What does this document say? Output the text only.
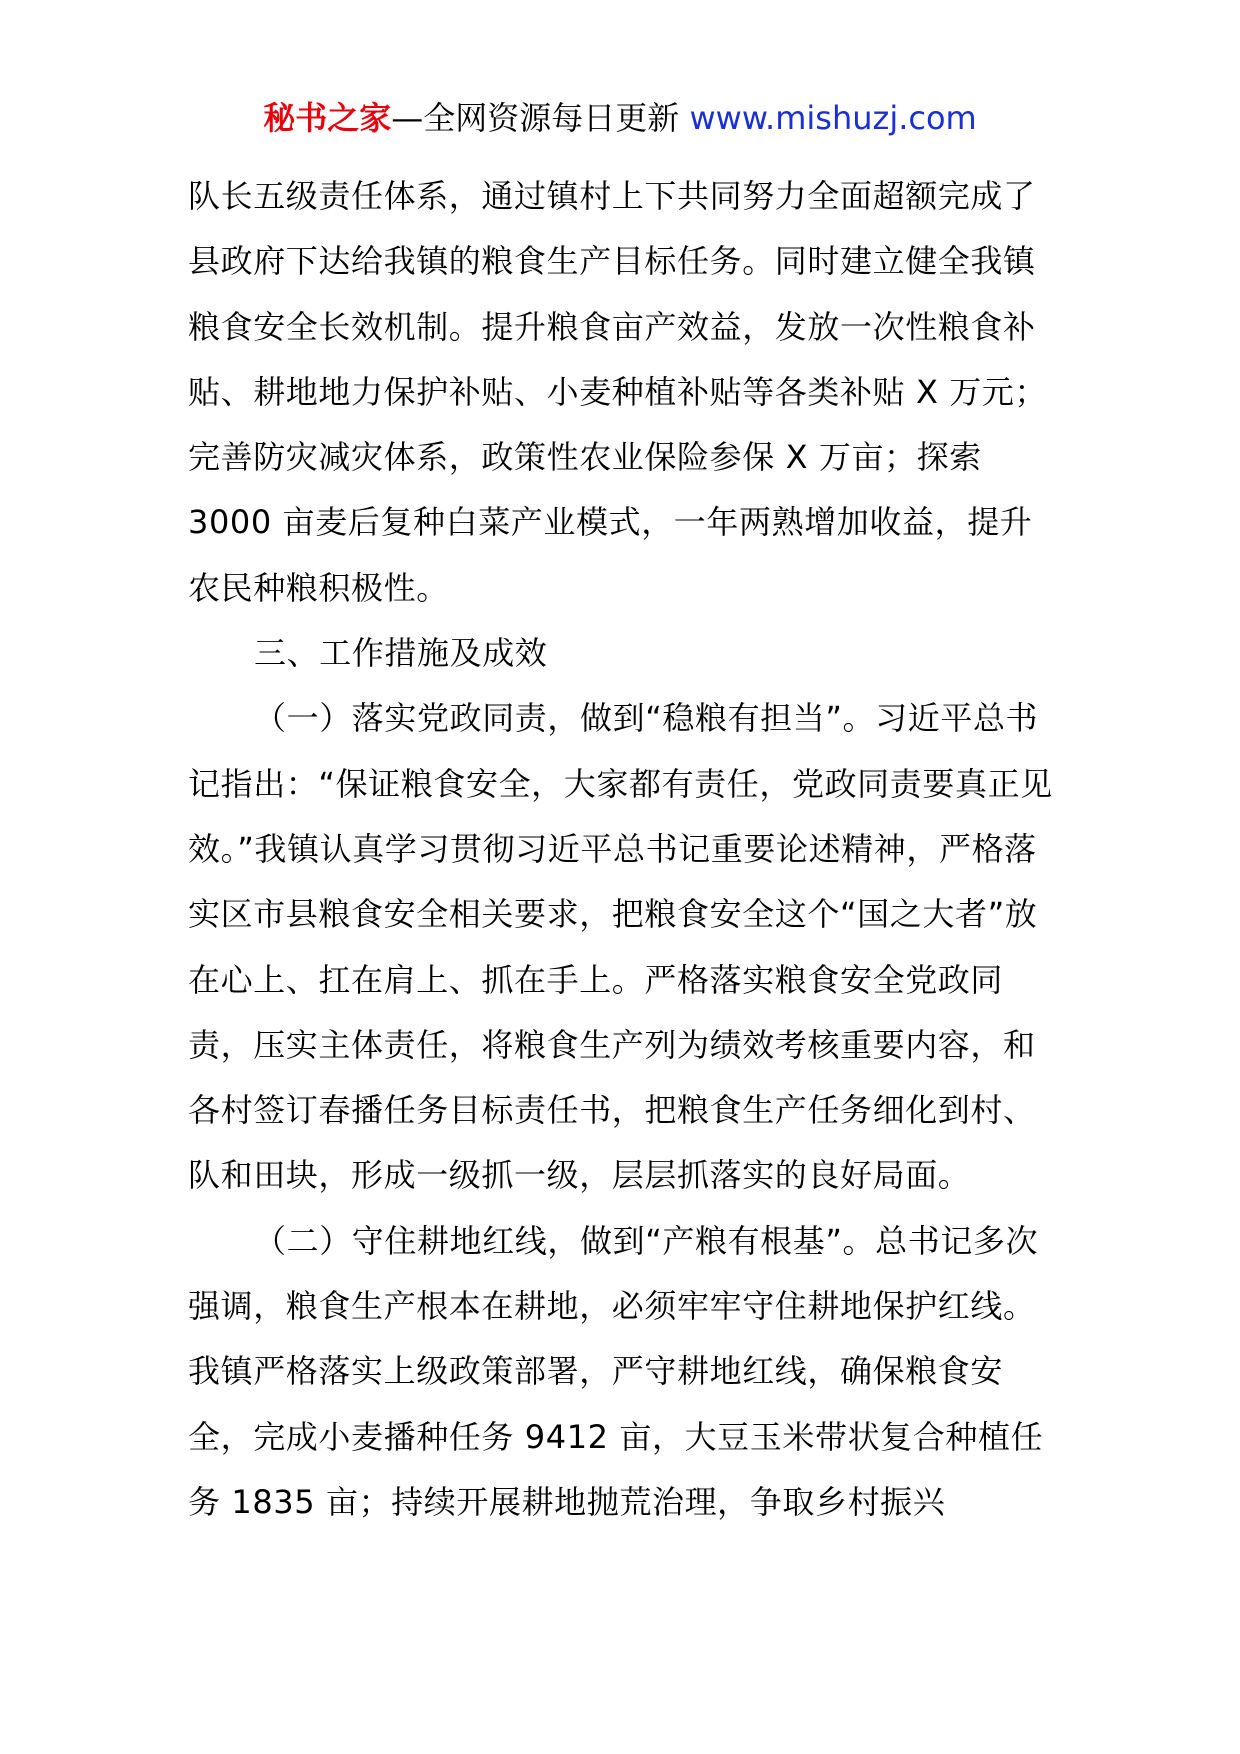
秘书之家—全网资源每日更新 www.mishuzj.com

队长五级责任体系，通过镇村上下共同努力全面超额完成了县政府下达给我镇的粮食生产目标任务。同时建立健全我镇粮食安全长效机制。提升粮食亩产效益，发放一次性粮食补贴、耕地地力保护补贴、小麦种植补贴等各类补贴 X 万元；完善防灾减灾体系，政策性农业保险参保 X 万亩；探索 3000 亩麦后复种白菜产业模式，一年两熟增加收益，提升农民种粮积极性。

三、工作措施及成效

（一）落实党政同责，做到“稳粮有担当”。习近平总书记指出：“保证粮食安全，大家都有责任，党政同责要真正见效。”我镇认真学习贯彻习近平总书记重要论述精神，严格落实区市县粮食安全相关要求，把粮食安全这个“国之大者”放在心上、扛在肩上、抓在手上。严格落实粮食安全党政同责，压实主体责任，将粮食生产列为绩效考核重要内容，和各村签订春播任务目标责任书，把粮食生产任务细化到村、队和田块，形成一级抓一级，层层抓落实的良好局面。

（二）守住耕地红线，做到“产粮有根基”。总书记多次强调，粮食生产根本在耕地，必须牢牢守住耕地保护红线。我镇严格落实上级政策部署，严守耕地红线，确保粮食安全，完成小麦播种任务 9412 亩，大豆玉米带状复合种植任务 1835 亩；持续开展耕地抛荒治理，争取乡村振兴
